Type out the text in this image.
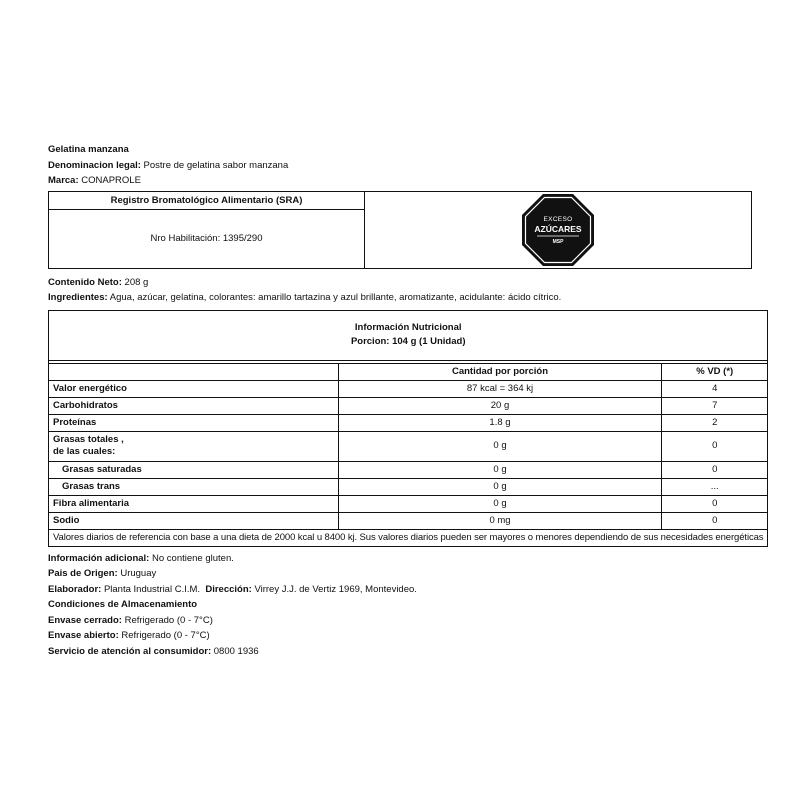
Gelatina manzana
Denominacion legal: Postre de gelatina sabor manzana
Marca: CONAPROLE
Registro Bromatológico Alimentario (SRA)
Nro Habilitación: 1395/290
EXCESO
AZÚCARES
MSP
Contenido Neto: 208 g
Ingredientes: Agua, azúcar, gelatina, colorantes: amarillo tartazina y azul brillante, aromatizante, acidulante: ácido cítrico.
Información Nutricional
Porcion: 104 g (1 Unidad)		

	Cantidad por porción	% VD (*)
Valor energético	87 kcal = 364 kj	4
Carbohidratos	20 g	7
Proteínas	1.8 g	2

Grasas totales ,
de las cuales:	0 g	0
Grasas saturadas	0 g	0
Grasas trans	0 g	...
Fibra alimentaria	0 g	0
Sodio	0 mg	0
Valores diarios de referencia con base a una dieta de 2000 kcal u 8400 kj. Sus valores diarios pueden ser mayores o menores dependiendo de sus necesidades energéticas		
Información adicional: No contiene gluten.
Pais de Origen: Uruguay
Elaborador: Planta Industrial C.I.M. Dirección: Virrey J.J. de Vertiz 1969, Montevideo.
Condiciones de Almacenamiento
Envase cerrado: Refrigerado (0 - 7°C)
Envase abierto: Refrigerado (0 - 7°C)
Servicio de atención al consumidor: 0800 1936
